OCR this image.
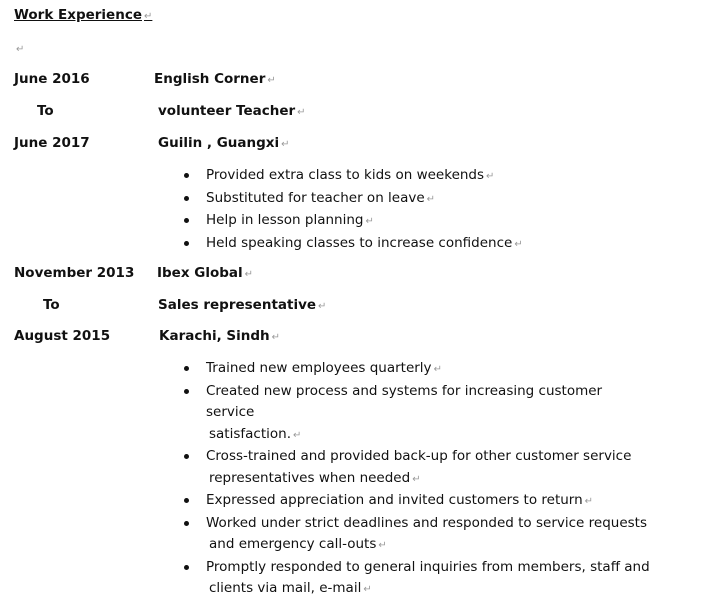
Work Experience ↵
↵
June 2016
To
June 2017
English Corner ↵
volunteer Teacher ↵
Guilin , Guangxi ↵
Provided extra class to kids on weekends ↵
Substituted for teacher on leave ↵
Help in lesson planning ↵
Held speaking classes to increase confidence ↵
November 2013
To
August 2015
Ibex Global ↵
Sales representative ↵
Karachi, Sindh ↵
Trained new employees quarterly ↵
Created new process and systems for increasing customer service
satisfaction. ↵
Cross-trained and provided back-up for other customer service
representatives when needed ↵
Expressed appreciation and invited customers to return ↵
Worked under strict deadlines and responded to service requests
and emergency call-outs ↵
Promptly responded to general inquiries from members, staff and
clients via mail, e-mail ↵
